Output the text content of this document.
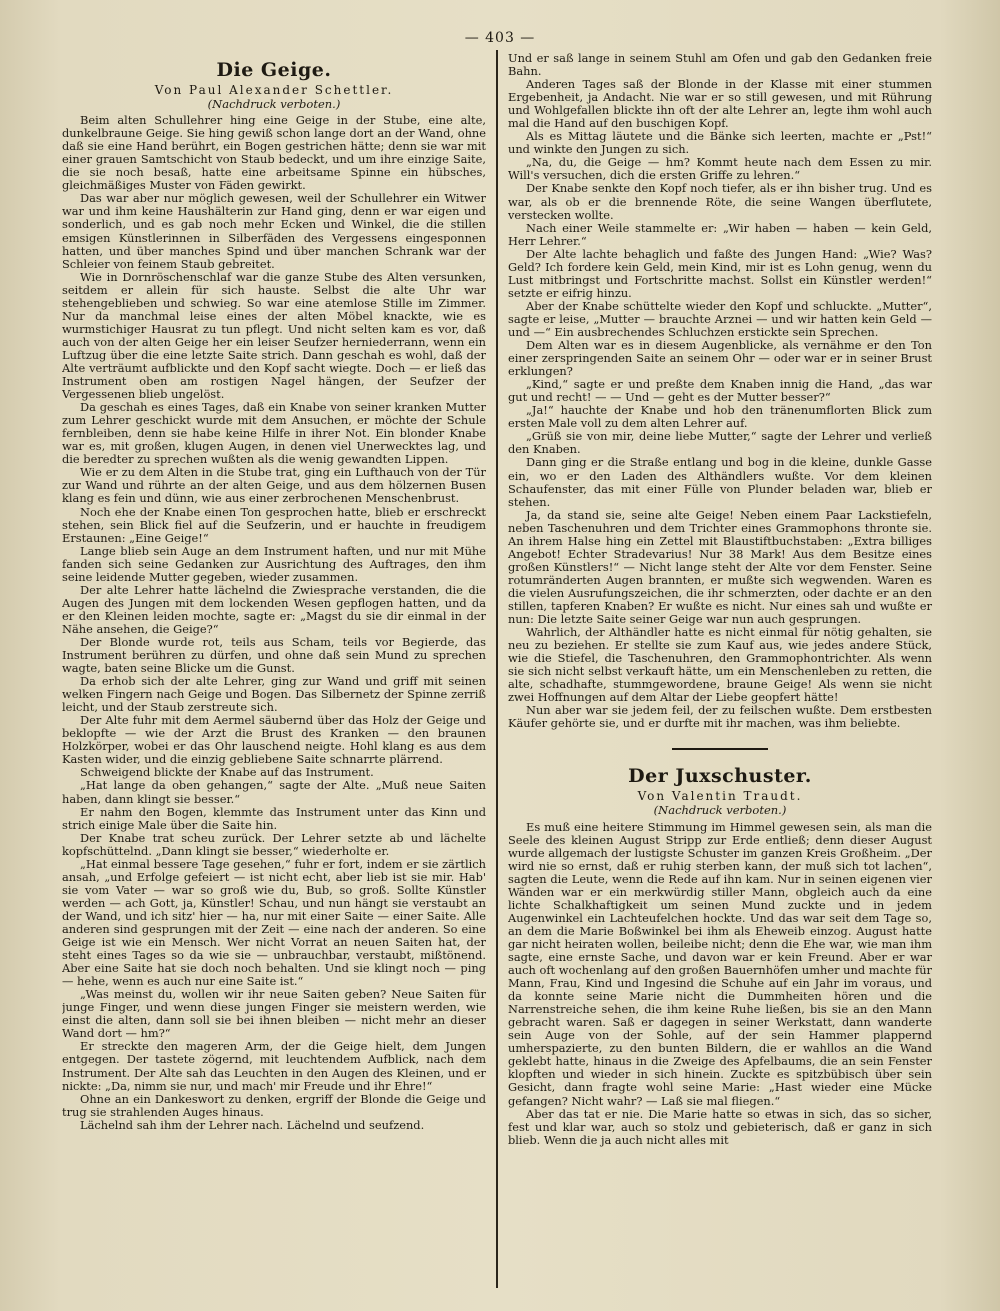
— 403 —
Die Geige.
Von Paul Alexander Schettler.
(Nachdruck verboten.)

Beim alten Schullehrer hing eine Geige in der Stube, eine alte, dunkelbraune Geige. Sie hing gewiß schon lange dort an der Wand, ohne daß sie eine Hand berührt, ein Bogen gestrichen hätte; denn sie war mit einer grauen Samtschicht von Staub bedeckt, und um ihre einzige Saite, die sie noch besaß, hatte eine arbeitsame Spinne ein hübsches, gleichmäßiges Muster von Fäden gewirkt.

Das war aber nur möglich gewesen, weil der Schullehrer ein Witwer war und ihm keine Haushälterin zur Hand ging, denn er war eigen und sonderlich, und es gab noch mehr Ecken und Winkel, die die stillen emsigen Künstlerinnen in Silberfäden des Vergessens eingesponnen hatten, und über manches Spind und über manchen Schrank war der Schleier von feinem Staub gebreitet.

Wie in Dornröschenschlaf war die ganze Stube des Alten versunken, seitdem er allein für sich hauste. Selbst die alte Uhr war stehengeblieben und schwieg. So war eine atemlose Stille im Zimmer. Nur da manchmal leise eines der alten Möbel knackte, wie es wurmstichiger Hausrat zu tun pflegt. Und nicht selten kam es vor, daß auch von der alten Geige her ein leiser Seufzer herniederrann, wenn ein Luftzug über die eine letzte Saite strich. Dann geschah es wohl, daß der Alte verträumt aufblickte und den Kopf sacht wiegte. Doch — er ließ das Instrument oben am rostigen Nagel hängen, der Seufzer der Vergessenen blieb ungelöst.

Da geschah es eines Tages, daß ein Knabe von seiner kranken Mutter zum Lehrer geschickt wurde mit dem Ansuchen, er möchte der Schule fernbleiben, denn sie habe keine Hilfe in ihrer Not. Ein blonder Knabe war es, mit großen, klugen Augen, in denen viel Unerwecktes lag, und die beredter zu sprechen wußten als die wenig gewandten Lippen.

Wie er zu dem Alten in die Stube trat, ging ein Lufthauch von der Tür zur Wand und rührte an der alten Geige, und aus dem hölzernen Busen klang es fein und dünn, wie aus einer zerbrochenen Menschenbrust.

Noch ehe der Knabe einen Ton gesprochen hatte, blieb er erschreckt stehen, sein Blick fiel auf die Seufzerin, und er hauchte in freudigem Erstaunen: „Eine Geige!“

Lange blieb sein Auge an dem Instrument haften, und nur mit Mühe fanden sich seine Gedanken zur Ausrichtung des Auftrages, den ihm seine leidende Mutter gegeben, wieder zusammen.

Der alte Lehrer hatte lächelnd die Zwiesprache verstanden, die die Augen des Jungen mit dem lockenden Wesen gepflogen hatten, und da er den Kleinen leiden mochte, sagte er: „Magst du sie dir einmal in der Nähe ansehen, die Geige?“

Der Blonde wurde rot, teils aus Scham, teils vor Begierde, das Instrument berühren zu dürfen, und ohne daß sein Mund zu sprechen wagte, baten seine Blicke um die Gunst.

Da erhob sich der alte Lehrer, ging zur Wand und griff mit seinen welken Fingern nach Geige und Bogen. Das Silbernetz der Spinne zerriß leicht, und der Staub zerstreute sich.

Der Alte fuhr mit dem Aermel säubernd über das Holz der Geige und beklopfte — wie der Arzt die Brust des Kranken — den braunen Holzkörper, wobei er das Ohr lauschend neigte. Hohl klang es aus dem Kasten wider, und die einzig gebliebene Saite schnarrte plärrend.

Schweigend blickte der Knabe auf das Instrument.

„Hat lange da oben gehangen,“ sagte der Alte. „Muß neue Saiten haben, dann klingt sie besser.“

Er nahm den Bogen, klemmte das Instrument unter das Kinn und strich einige Male über die Saite hin.

Der Knabe trat scheu zurück. Der Lehrer setzte ab und lächelte kopfschüttelnd. „Dann klingt sie besser,“ wiederholte er.

„Hat einmal bessere Tage gesehen,“ fuhr er fort, indem er sie zärtlich ansah, „und Erfolge gefeiert — ist nicht echt, aber lieb ist sie mir. Hab' sie vom Vater — war so groß wie du, Bub, so groß. Sollte Künstler werden — ach Gott, ja, Künstler! Schau, und nun hängt sie verstaubt an der Wand, und ich sitz' hier — ha, nur mit einer Saite — einer Saite. Alle anderen sind gesprungen mit der Zeit — eine nach der anderen. So eine Geige ist wie ein Mensch. Wer nicht Vorrat an neuen Saiten hat, der steht eines Tages so da wie sie — unbrauchbar, verstaubt, mißtönend. Aber eine Saite hat sie doch noch behalten. Und sie klingt noch — ping — hehe, wenn es auch nur eine Saite ist.“

„Was meinst du, wollen wir ihr neue Saiten geben? Neue Saiten für junge Finger, und wenn diese jungen Finger sie meistern werden, wie einst die alten, dann soll sie bei ihnen bleiben — nicht mehr an dieser Wand dort — hm?“

Er streckte den mageren Arm, der die Geige hielt, dem Jungen entgegen. Der tastete zögernd, mit leuchtendem Aufblick, nach dem Instrument. Der Alte sah das Leuchten in den Augen des Kleinen, und er nickte: „Da, nimm sie nur, und mach' mir Freude und ihr Ehre!“

Ohne an ein Dankeswort zu denken, ergriff der Blonde die Geige und trug sie strahlenden Auges hinaus.

Lächelnd sah ihm der Lehrer nach. Lächelnd und seufzend.

Und er saß lange in seinem Stuhl am Ofen und gab den Gedanken freie Bahn.

Anderen Tages saß der Blonde in der Klasse mit einer stummen Ergebenheit, ja Andacht. Nie war er so still gewesen, und mit Rührung und Wohlgefallen blickte ihn oft der alte Lehrer an, legte ihm wohl auch mal die Hand auf den buschigen Kopf.

Als es Mittag läutete und die Bänke sich leerten, machte er „Pst!“ und winkte den Jungen zu sich.

„Na, du, die Geige — hm? Kommt heute nach dem Essen zu mir. Will's versuchen, dich die ersten Griffe zu lehren.“

Der Knabe senkte den Kopf noch tiefer, als er ihn bisher trug. Und es war, als ob er die brennende Röte, die seine Wangen überflutete, verstecken wollte.

Nach einer Weile stammelte er: „Wir haben — haben — kein Geld, Herr Lehrer.“

Der Alte lachte behaglich und faßte des Jungen Hand: „Wie? Was? Geld? Ich fordere kein Geld, mein Kind, mir ist es Lohn genug, wenn du Lust mitbringst und Fortschritte machst. Sollst ein Künstler werden!“ setzte er eifrig hinzu.

Aber der Knabe schüttelte wieder den Kopf und schluckte. „Mutter“, sagte er leise, „Mutter — brauchte Arznei — und wir hatten kein Geld — und —“ Ein ausbrechendes Schluchzen erstickte sein Sprechen.

Dem Alten war es in diesem Augenblicke, als vernähme er den Ton einer zerspringenden Saite an seinem Ohr — oder war er in seiner Brust erklungen?

„Kind,“ sagte er und preßte dem Knaben innig die Hand, „das war gut und recht! — — Und — geht es der Mutter besser?“

„Ja!“ hauchte der Knabe und hob den tränenumflorten Blick zum ersten Male voll zu dem alten Lehrer auf.

„Grüß sie von mir, deine liebe Mutter,“ sagte der Lehrer und verließ den Knaben.

Dann ging er die Straße entlang und bog in die kleine, dunkle Gasse ein, wo er den Laden des Althändlers wußte. Vor dem kleinen Schaufenster, das mit einer Fülle von Plunder beladen war, blieb er stehen.

Ja, da stand sie, seine alte Geige! Neben einem Paar Lackstiefeln, neben Taschenuhren und dem Trichter eines Grammophons thronte sie. An ihrem Halse hing ein Zettel mit Blaustiftbuchstaben: „Extra billiges Angebot! Echter Stradevarius! Nur 38 Mark! Aus dem Besitze eines großen Künstlers!“ — Nicht lange steht der Alte vor dem Fenster. Seine rotumränderten Augen brannten, er mußte sich wegwenden. Waren es die vielen Ausrufungszeichen, die ihr schmerzten, oder dachte er an den stillen, tapferen Knaben? Er wußte es nicht. Nur eines sah und wußte er nun: Die letzte Saite seiner Geige war nun auch gesprungen.

Wahrlich, der Althändler hatte es nicht einmal für nötig gehalten, sie neu zu beziehen. Er stellte sie zum Kauf aus, wie jedes andere Stück, wie die Stiefel, die Taschenuhren, den Grammophontrichter. Als wenn sie sich nicht selbst verkauft hätte, um ein Menschenleben zu retten, die alte, schadhafte, stummgewordene, braune Geige! Als wenn sie nicht zwei Hoffnungen auf dem Altar der Liebe geopfert hätte!

Nun aber war sie jedem feil, der zu feilschen wußte. Dem erstbesten Käufer gehörte sie, und er durfte mit ihr machen, was ihm beliebte.

Der Juxschuster.
Von Valentin Traudt.
(Nachdruck verboten.)

Es muß eine heitere Stimmung im Himmel gewesen sein, als man die Seele des kleinen August Stripp zur Erde entließ; denn dieser August wurde allgemach der lustigste Schuster im ganzen Kreis Großheim. „Der wird nie so ernst, daß er ruhig sterben kann, der muß sich tot lachen“, sagten die Leute, wenn die Rede auf ihn kam. Nur in seinen eigenen vier Wänden war er ein merkwürdig stiller Mann, obgleich auch da eine lichte Schalkhaftigkeit um seinen Mund zuckte und in jedem Augenwinkel ein Lachteufelchen hockte. Und das war seit dem Tage so, an dem die Marie Boßwinkel bei ihm als Eheweib einzog. August hatte gar nicht heiraten wollen, beileibe nicht; denn die Ehe war, wie man ihm sagte, eine ernste Sache, und davon war er kein Freund. Aber er war auch oft wochenlang auf den großen Bauernhöfen umher und machte für Mann, Frau, Kind und Ingesind die Schuhe auf ein Jahr im voraus, und da konnte seine Marie nicht die Dummheiten hören und die Narrenstreiche sehen, die ihm keine Ruhe ließen, bis sie an den Mann gebracht waren. Saß er dagegen in seiner Werkstatt, dann wanderte sein Auge von der Sohle, auf der sein Hammer plappernd umherspazierte, zu den bunten Bildern, die er wahllos an die Wand geklebt hatte, hinaus in die Zweige des Apfelbaums, die an sein Fenster klopften und wieder in sich hinein. Zuckte es spitzbübisch über sein Gesicht, dann fragte wohl seine Marie: „Hast wieder eine Mücke gefangen? Nicht wahr? — Laß sie mal fliegen.“

Aber das tat er nie. Die Marie hatte so etwas in sich, das so sicher, fest und klar war, auch so stolz und gebieterisch, daß er ganz in sich blieb. Wenn die ja auch nicht alles mit
